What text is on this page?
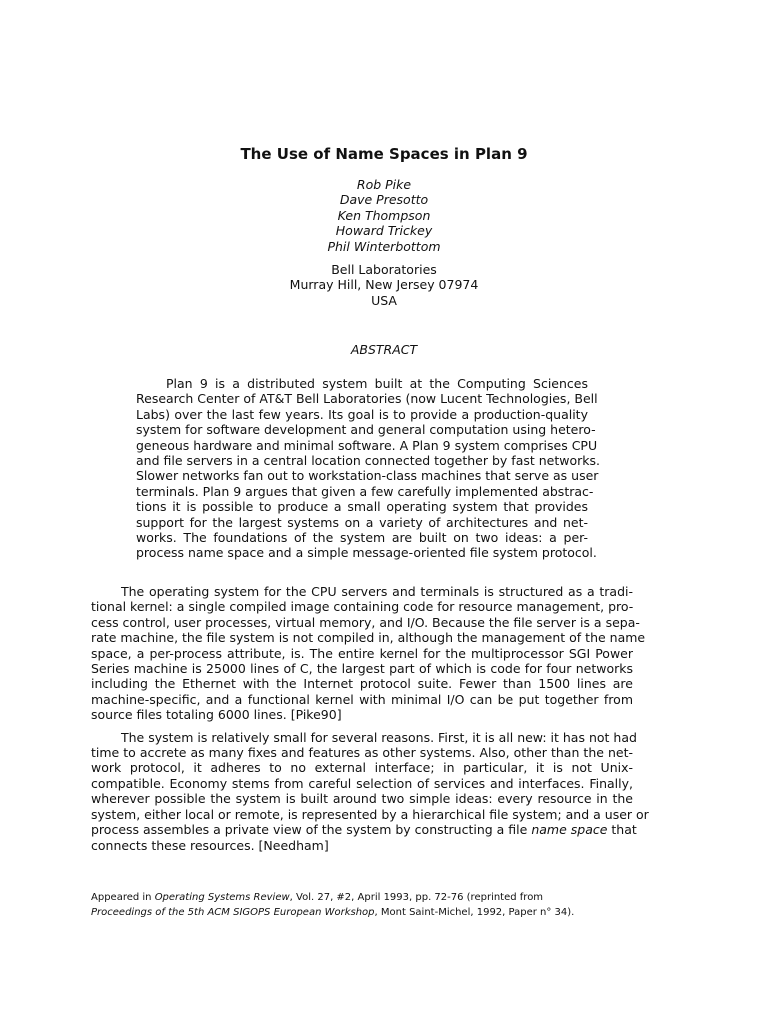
The Use of Name Spaces in Plan 9
Rob Pike
Dave Presotto
Ken Thompson
Howard Trickey
Phil Winterbottom
Bell Laboratories
Murray Hill, New Jersey 07974
USA
ABSTRACT
Plan 9 is a distributed system built at the Computing Sciences
Research Center of AT&T Bell Laboratories (now Lucent Technologies, Bell
Labs) over the last few years. Its goal is to provide a production-quality
system for software development and general computation using hetero-
geneous hardware and minimal software. A Plan 9 system comprises CPU
and file servers in a central location connected together by fast networks.
Slower networks fan out to workstation-class machines that serve as user
terminals. Plan 9 argues that given a few carefully implemented abstrac-
tions it is possible to produce a small operating system that provides
support for the largest systems on a variety of architectures and net-
works. The foundations of the system are built on two ideas: a per-
process name space and a simple message-oriented file system protocol.
The operating system for the CPU servers and terminals is structured as a tradi-
tional kernel: a single compiled image containing code for resource management, pro-
cess control, user processes, virtual memory, and I/O. Because the file server is a sepa-
rate machine, the file system is not compiled in, although the management of the name
space, a per-process attribute, is. The entire kernel for the multiprocessor SGI Power
Series machine is 25000 lines of C, the largest part of which is code for four networks
including the Ethernet with the Internet protocol suite. Fewer than 1500 lines are
machine-specific, and a functional kernel with minimal I/O can be put together from
source files totaling 6000 lines. [Pike90]
The system is relatively small for several reasons. First, it is all new: it has not had
time to accrete as many fixes and features as other systems. Also, other than the net-
work protocol, it adheres to no external interface; in particular, it is not Unix-
compatible. Economy stems from careful selection of services and interfaces. Finally,
wherever possible the system is built around two simple ideas: every resource in the
system, either local or remote, is represented by a hierarchical file system; and a user or
process assembles a private view of the system by constructing a file name space that
connects these resources. [Needham]
Appeared in Operating Systems Review, Vol. 27, #2, April 1993, pp. 72-76 (reprinted from
Proceedings of the 5th ACM SIGOPS European Workshop, Mont Saint-Michel, 1992, Paper n° 34).
